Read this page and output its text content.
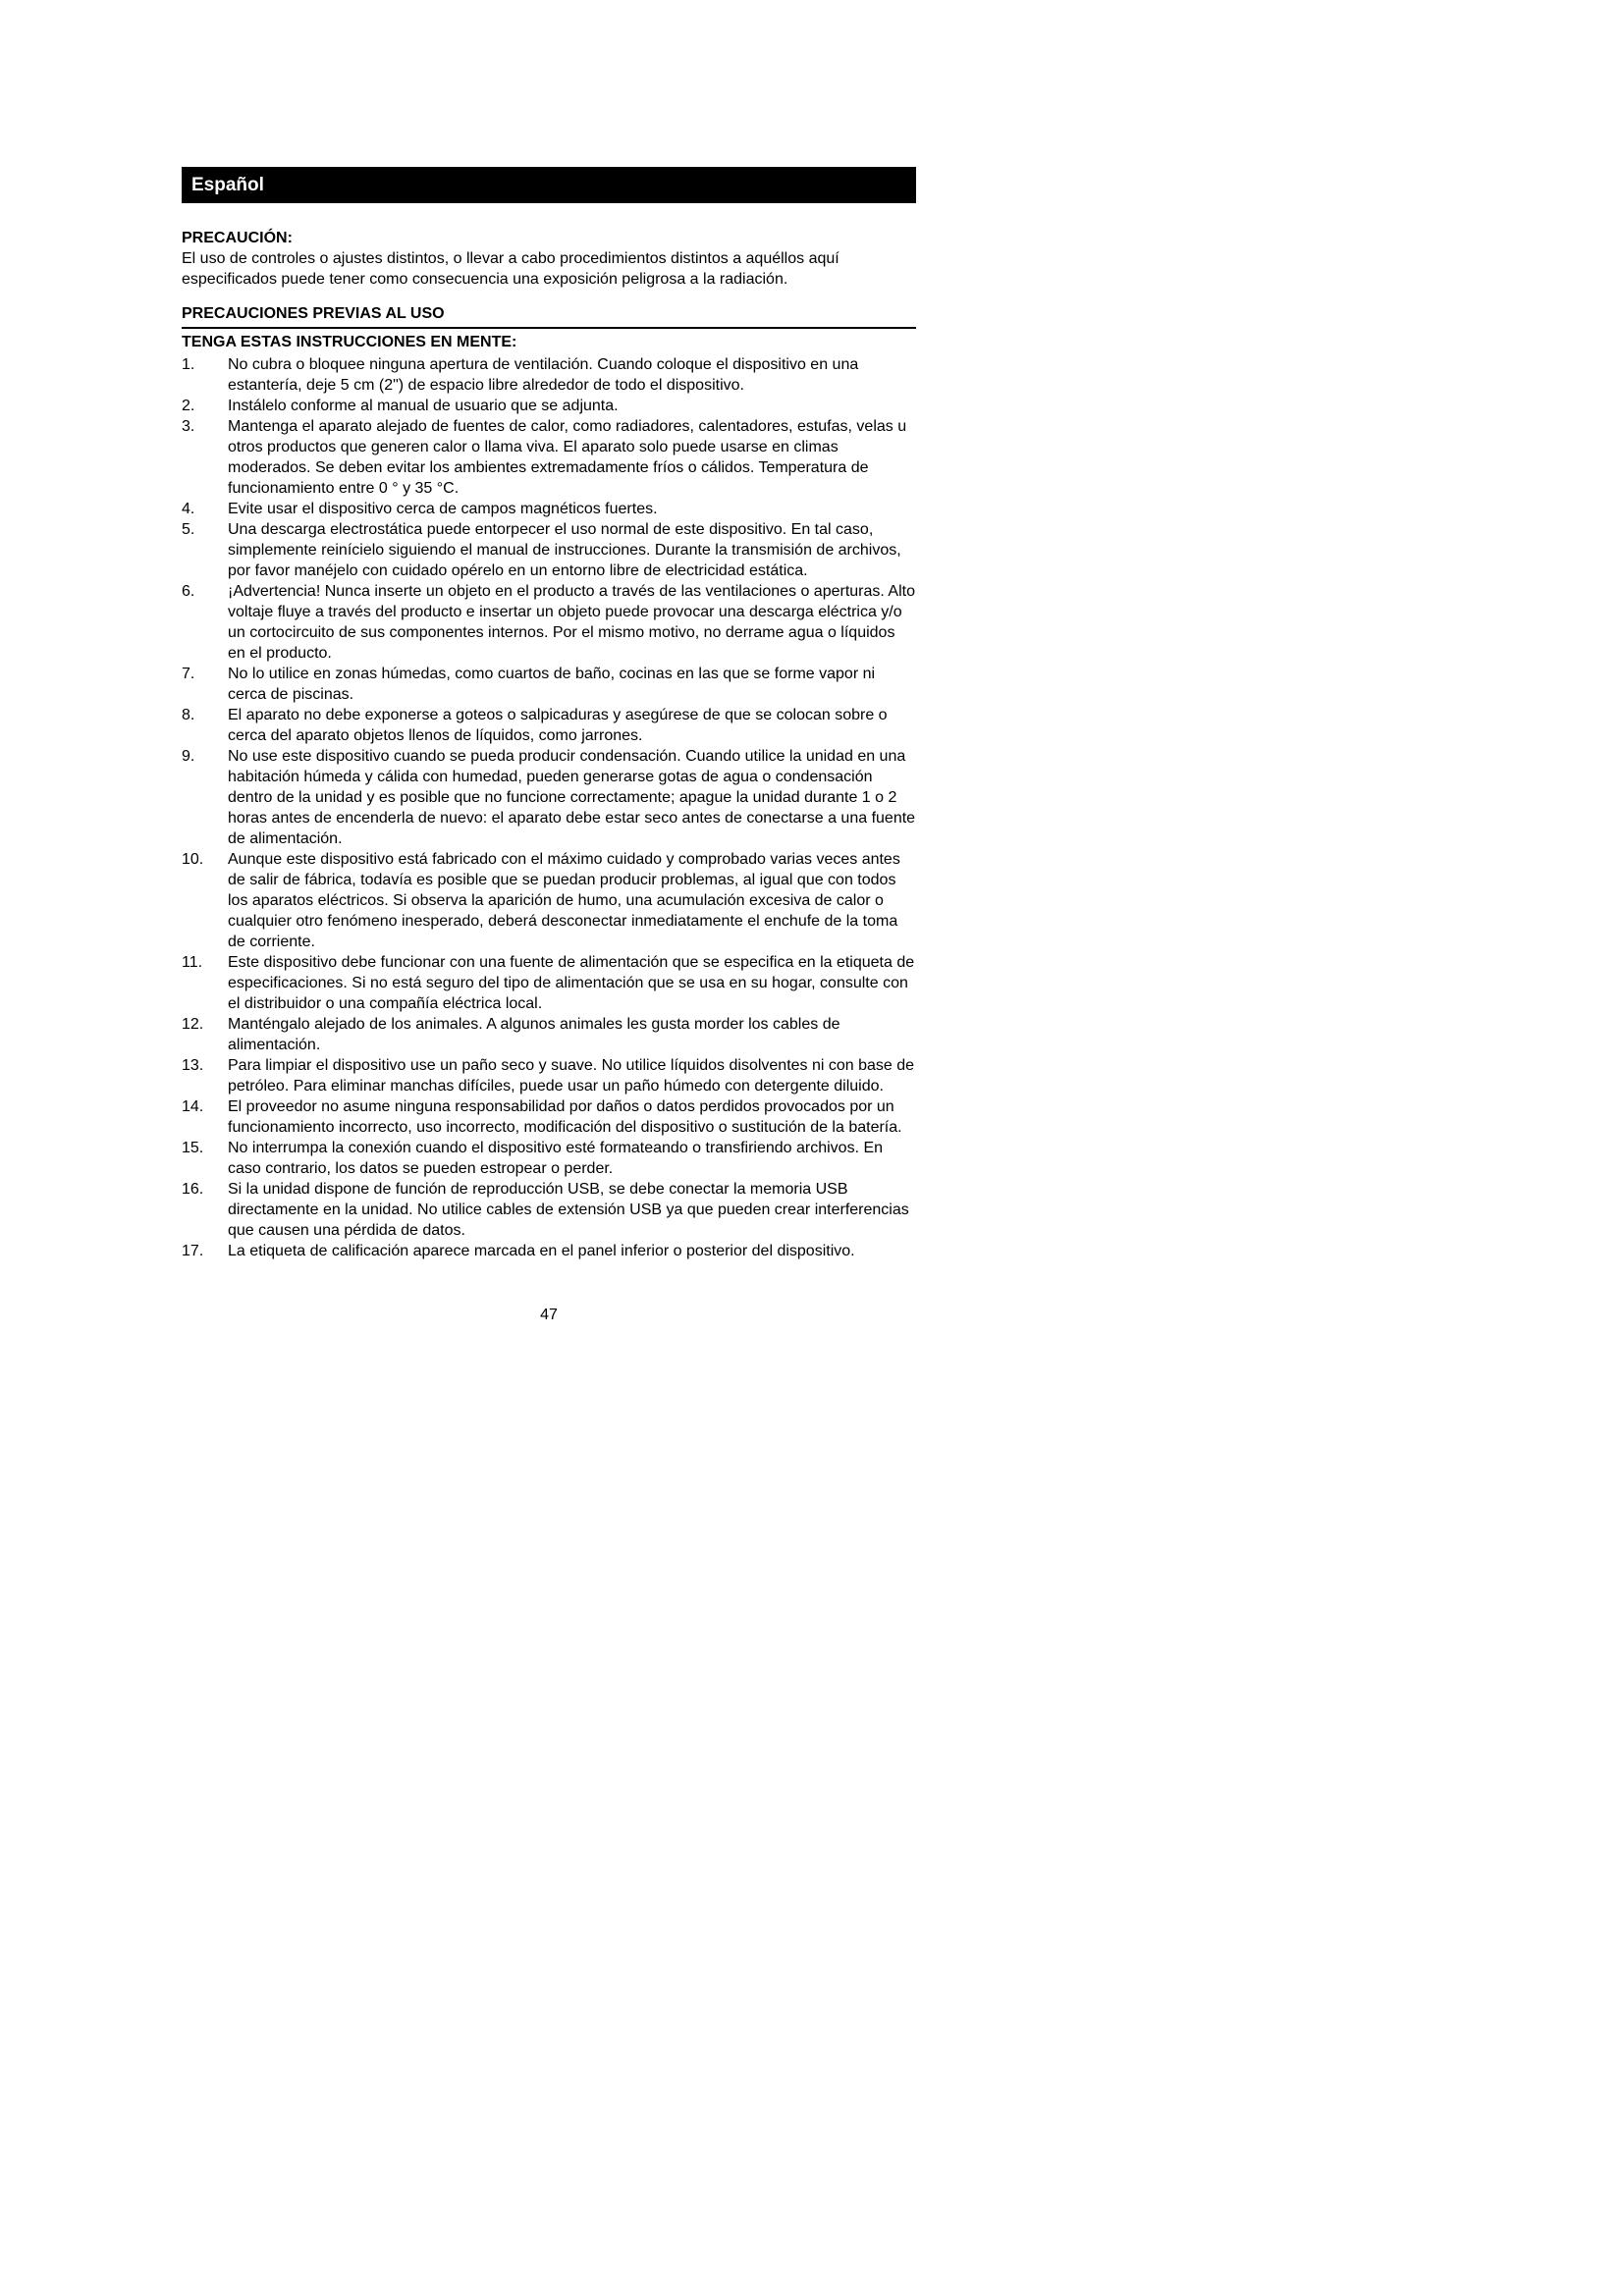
Español
PRECAUCIÓN:

El uso de controles o ajustes distintos, o llevar a cabo procedimientos distintos a aquéllos aquí especificados puede tener como consecuencia una exposición peligrosa a la radiación.

PRECAUCIONES PREVIAS AL USO
TENGA ESTAS INSTRUCCIONES EN MENTE:
1.	No cubra o bloquee ninguna apertura de ventilación. Cuando coloque el dispositivo en una estantería, deje 5 cm (2") de espacio libre alrededor de todo el dispositivo.
2.	Instálelo conforme al manual de usuario que se adjunta.
3.	Mantenga el aparato alejado de fuentes de calor, como radiadores, calentadores, estufas, velas u otros productos que generen calor o llama viva. El aparato solo puede usarse en climas moderados. Se deben evitar los ambientes extremadamente fríos o cálidos. Temperatura de funcionamiento entre 0 ° y 35 °C.
4.	Evite usar el dispositivo cerca de campos magnéticos fuertes.
5.	Una descarga electrostática puede entorpecer el uso normal de este dispositivo. En tal caso, simplemente reinícielo siguiendo el manual de instrucciones. Durante la transmisión de archivos, por favor manéjelo con cuidado opérelo en un entorno libre de electricidad estática.
6.	¡Advertencia! Nunca inserte un objeto en el producto a través de las ventilaciones o aperturas. Alto voltaje fluye a través del producto e insertar un objeto puede provocar una descarga eléctrica y/o un cortocircuito de sus componentes internos. Por el mismo motivo, no derrame agua o líquidos en el producto.
7.	No lo utilice en zonas húmedas, como cuartos de baño, cocinas en las que se forme vapor ni cerca de piscinas.
8.	El aparato no debe exponerse a goteos o salpicaduras y asegúrese de que se colocan sobre o cerca del aparato objetos llenos de líquidos, como jarrones.
9.	No use este dispositivo cuando se pueda producir condensación. Cuando utilice la unidad en una habitación húmeda y cálida con humedad, pueden generarse gotas de agua o condensación dentro de la unidad y es posible que no funcione correctamente; apague la unidad durante 1 o 2 horas antes de encenderla de nuevo: el aparato debe estar seco antes de conectarse a una fuente de alimentación.
10.	Aunque este dispositivo está fabricado con el máximo cuidado y comprobado varias veces antes de salir de fábrica, todavía es posible que se puedan producir problemas, al igual que con todos los aparatos eléctricos. Si observa la aparición de humo, una acumulación excesiva de calor o cualquier otro fenómeno inesperado, deberá desconectar inmediatamente el enchufe de la toma de corriente.
11.	Este dispositivo debe funcionar con una fuente de alimentación que se especifica en la etiqueta de especificaciones. Si no está seguro del tipo de alimentación que se usa en su hogar, consulte con el distribuidor o una compañía eléctrica local.
12.	Manténgalo alejado de los animales. A algunos animales les gusta morder los cables de alimentación.
13.	Para limpiar el dispositivo use un paño seco y suave. No utilice líquidos disolventes ni con base de petróleo. Para eliminar manchas difíciles, puede usar un paño húmedo con detergente diluido.
14.	El proveedor no asume ninguna responsabilidad por daños o datos perdidos provocados por un funcionamiento incorrecto, uso incorrecto, modificación del dispositivo o sustitución de la batería.
15.	No interrumpa la conexión cuando el dispositivo esté formateando o transfiriendo archivos. En caso contrario, los datos se pueden estropear o perder.
16.	Si la unidad dispone de función de reproducción USB, se debe conectar la memoria USB directamente en la unidad. No utilice cables de extensión USB ya que pueden crear interferencias que causen una pérdida de datos.
17.	La etiqueta de calificación aparece marcada en el panel inferior o posterior del dispositivo.
47
